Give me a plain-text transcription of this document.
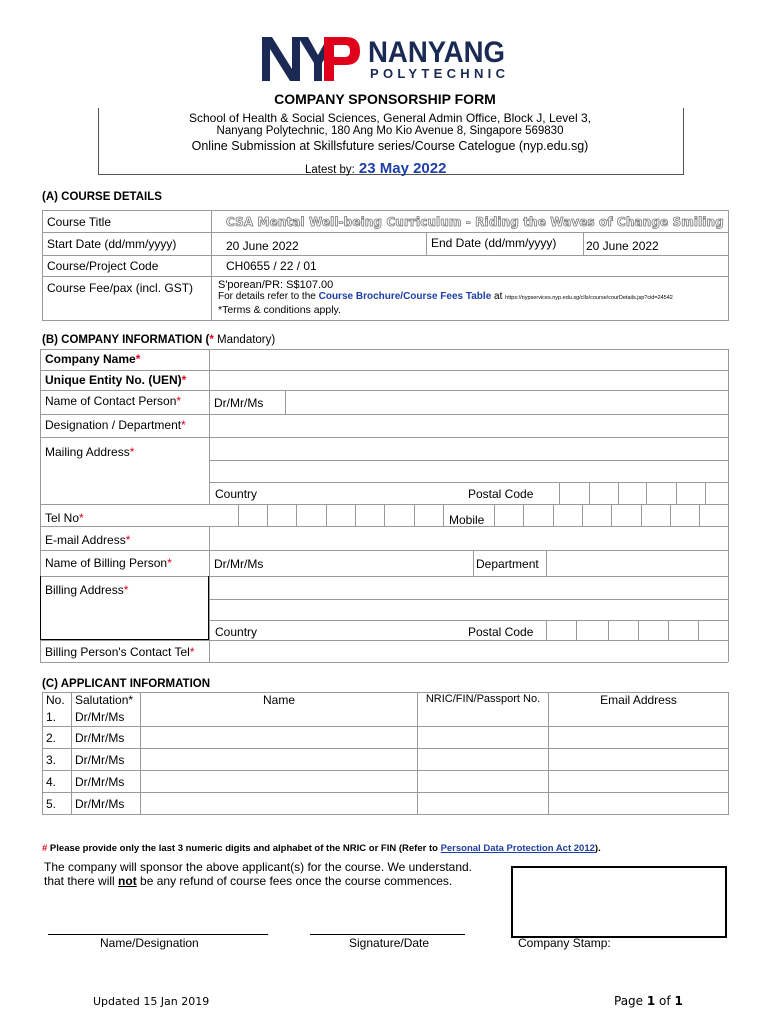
NANYANG
POLYTECHNIC
COMPANY SPONSORSHIP FORM
School of Health & Social Sciences, General Admin Office, Block J, Level 3,
Nanyang Polytechnic, 180 Ang Mo Kio Avenue 8, Singapore 569830
Online Submission at Skillsfuture series/Course Catelogue (nyp.edu.sg)
Latest by: 23 May 2022
(A) COURSE DETAILS
Course Title	CSA Mental Well-being Curriculum - Riding the Waves of Change Smiling		
Start Date (dd/mm/yyyy)	20 June 2022	End Date (dd/mm/yyyy)	20 June 2022
Course/Project Code	CH0655 / 22 / 01		
Course Fee/pax (incl. GST)	S'porean/PR: S$107.00
For details refer to the Course Brochure/Course Fees Table at https://nypservices.nyp.edu.sg/clls/course/courDetails.jsp?cid=24542
*Terms & conditions apply.		
(B) COMPANY INFORMATION (* Mandatory)
Company Name*
Unique Entity No. (UEN)*
Name of Contact Person*	Dr/Mr/Ms
Designation / Department*
Mailing Address*
Country	Postal Code
Tel No*	Mobile
E-mail Address*
Name of Billing Person*	Dr/Mr/Ms	Department
Billing Address*
Country	Postal Code
Billing Person's Contact Tel*
(C) APPLICANT INFORMATION
No.	Salutation*	Name	NRIC/FIN/Passport No.	Email Address
1.	Dr/Mr/Ms			
2.	Dr/Mr/Ms			
3.	Dr/Mr/Ms			
4.	Dr/Mr/Ms			
5.	Dr/Mr/Ms			
# Please provide only the last 3 numeric digits and alphabet of the NRIC or FIN (Refer to Personal Data Protection Act 2012).
The company will sponsor the above applicant(s) for the course. We understand.
that there will not be any refund of course fees once the course commences.
Name/Designation	Signature/Date	Company Stamp:
Updated 15 Jan 2019	Page 1 of 1
